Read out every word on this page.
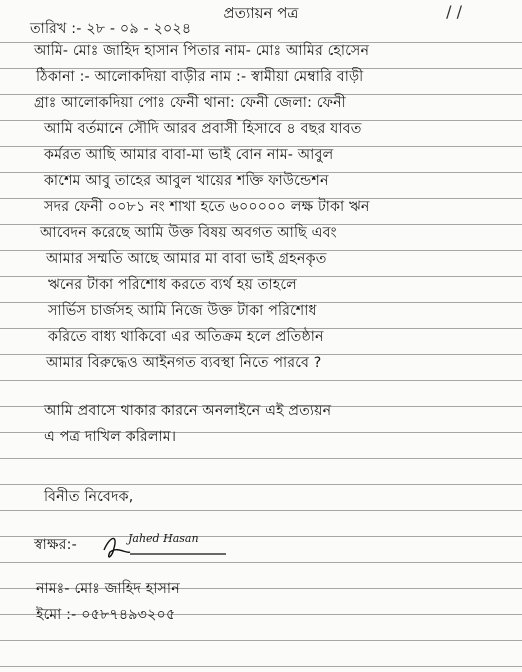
প্রত্যায়ন পত্র	/ /
তারিখ :- ২৮ - ০৯ - ২০২৪
আমি- মোঃ জাহিদ হাসান পিতার নাম- মোঃ আমির হোসেন
ঠিকানা :- আলোকদিয়া বাড়ীর নাম :- স্বামীয়া মেম্বারি বাড়ী
গ্রাঃ আলোকদিয়া পোঃ ফেনী থানা: ফেনী জেলা: ফেনী
আমি বর্তমানে সৌদি আরব প্রবাসী হিসাবে ৪ বছর যাবত
কর্মরত আছি আমার বাবা-মা ভাই বোন নাম- আবুল
কাশেম আবু তাহের আবুল খায়ের শক্তি ফাউন্ডেশন
সদর ফেনী ০০৮১ নং শাখা হতে ৬০০০০০ লক্ষ টাকা ঋন
আবেদন করেছে আমি উক্ত বিষয় অবগত আছি এবং
আমার সম্মতি আছে আমার মা বাবা ভাই গ্রহনকৃত
ঋনের টাকা পরিশোধ করতে ব্যর্থ হয় তাহলে
সার্ভিস চার্জসহ আমি নিজে উক্ত টাকা পরিশোধ
করিতে বাধ্য থাকিবো এর অতিক্রম হলে প্রতিষ্ঠান
আমার বিরুদ্ধেও আইনগত ব্যবস্থা নিতে পারবে ?
আমি প্রবাসে থাকার কারনে অনলাইনে এই প্রত্যয়ন
এ পত্র দাখিল করিলাম।
বিনীত নিবেদক,
স্বাক্ষর:-
নামঃ- মোঃ জাহিদ হাসান
ইমো :- ০৫৮৭৪৯৩২০৫
Jahed Hasan
